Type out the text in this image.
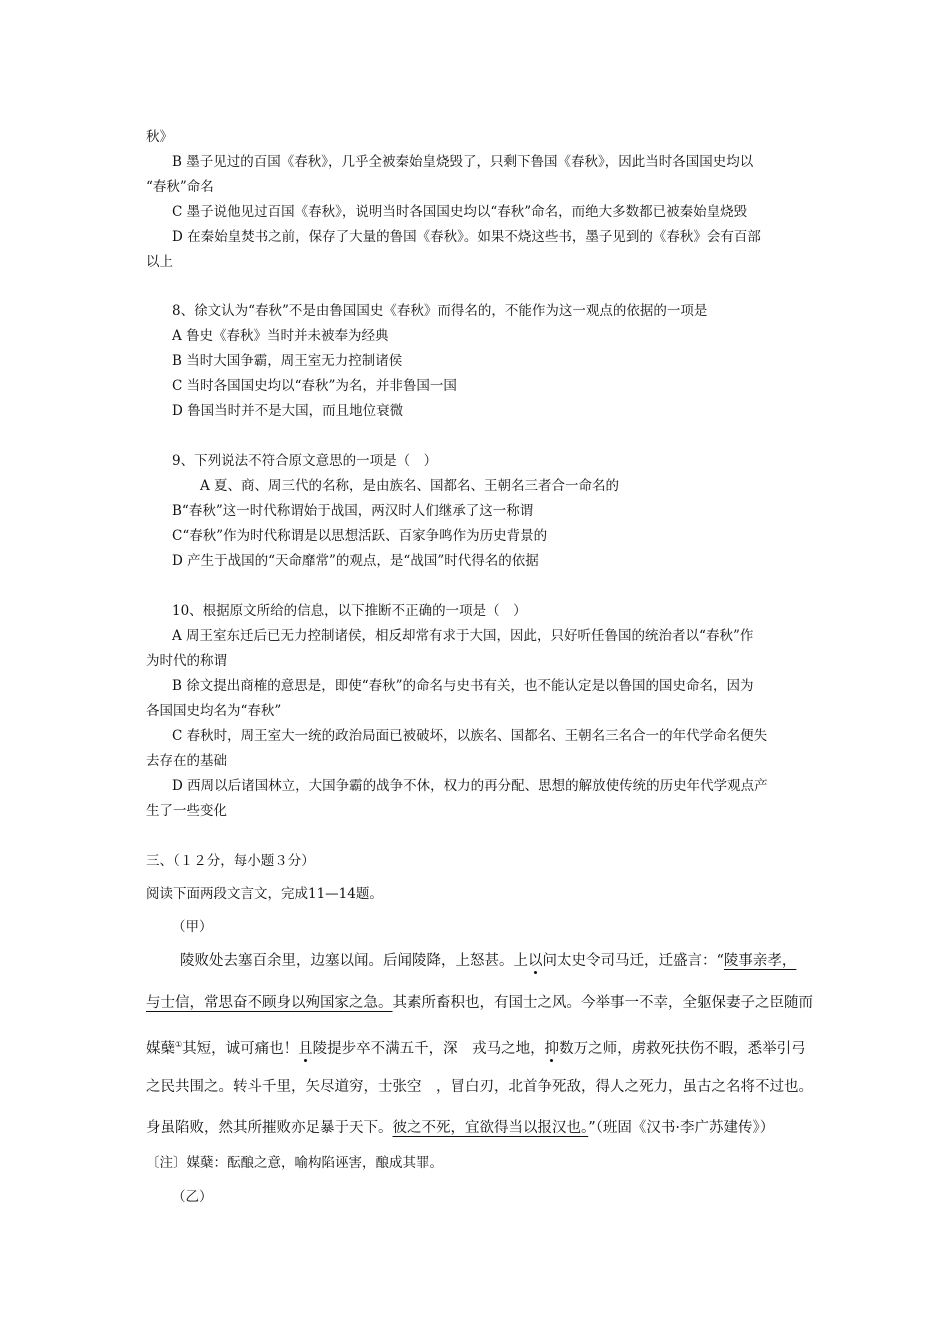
秋》
B 墨子见过的百国《春秋》，几乎全被秦始皇烧毁了，只剩下鲁国《春秋》，因此当时各国国史均以
“春秋”命名
C 墨子说他见过百国《春秋》，说明当时各国国史均以“春秋”命名，而绝大多数都已被秦始皇烧毁
D 在秦始皇焚书之前，保存了大量的鲁国《春秋》。如果不烧这些书，墨子见到的《春秋》会有百部
以上
8、徐文认为“春秋”不是由鲁国国史《春秋》而得名的，不能作为这一观点的依据的一项是
A 鲁史《春秋》当时并未被奉为经典
B 当时大国争霸，周王室无力控制诸侯
C 当时各国国史均以“春秋”为名，并非鲁国一国
D 鲁国当时并不是大国，而且地位衰微
9、下列说法不符合原文意思的一项是（　）
A 夏、商、周三代的名称，是由族名、国都名、王朝名三者合一命名的
B“春秋”这一时代称谓始于战国，两汉时人们继承了这一称谓
C“春秋”作为时代称谓是以思想活跃、百家争鸣作为历史背景的
D 产生于战国的“天命靡常”的观点，是“战国”时代得名的依据
10、根据原文所给的信息，以下推断不正确的一项是（　）
A 周王室东迁后已无力控制诸侯，相反却常有求于大国，因此，只好听任鲁国的统治者以“春秋”作
为时代的称谓
B 徐文提出商榷的意思是，即使“春秋”的命名与史书有关，也不能认定是以鲁国的国史命名，因为
各国国史均名为“春秋”
C 春秋时，周王室大一统的政治局面已被破坏，以族名、国都名、王朝名三名合一的年代学命名便失
去存在的基础
D 西周以后诸国林立，大国争霸的战争不休，权力的再分配、思想的解放使传统的历史年代学观点产
生了一些变化
三、（１２分，每小题３分）
阅读下面两段文言文，完成11—14题。
（甲）
陵败处去塞百余里，边塞以闻。后闻陵降，上怒甚。上以问太史令司马迁，迁盛言：“陵事亲孝，
与士信，常思奋不顾身以殉国家之急。其素所畜积也，有国士之风。今举事一不幸，全躯保妻子之臣随而
媒蘖①其短，诚可痛也！且陵提步卒不满五千，深　戎马之地，抑数万之师，虏救死扶伤不暇，悉举引弓
之民共围之。转斗千里，矢尽道穷，士张空　，冒白刃，北首争死敌，得人之死力，虽古之名将不过也。
身虽陷败，然其所摧败亦足暴于天下。彼之不死，宜欲得当以报汉也。”（班固《汉书·李广苏建传》）
〔注〕媒蘖：酝酿之意，喻构陷诬害，酿成其罪。
（乙）
